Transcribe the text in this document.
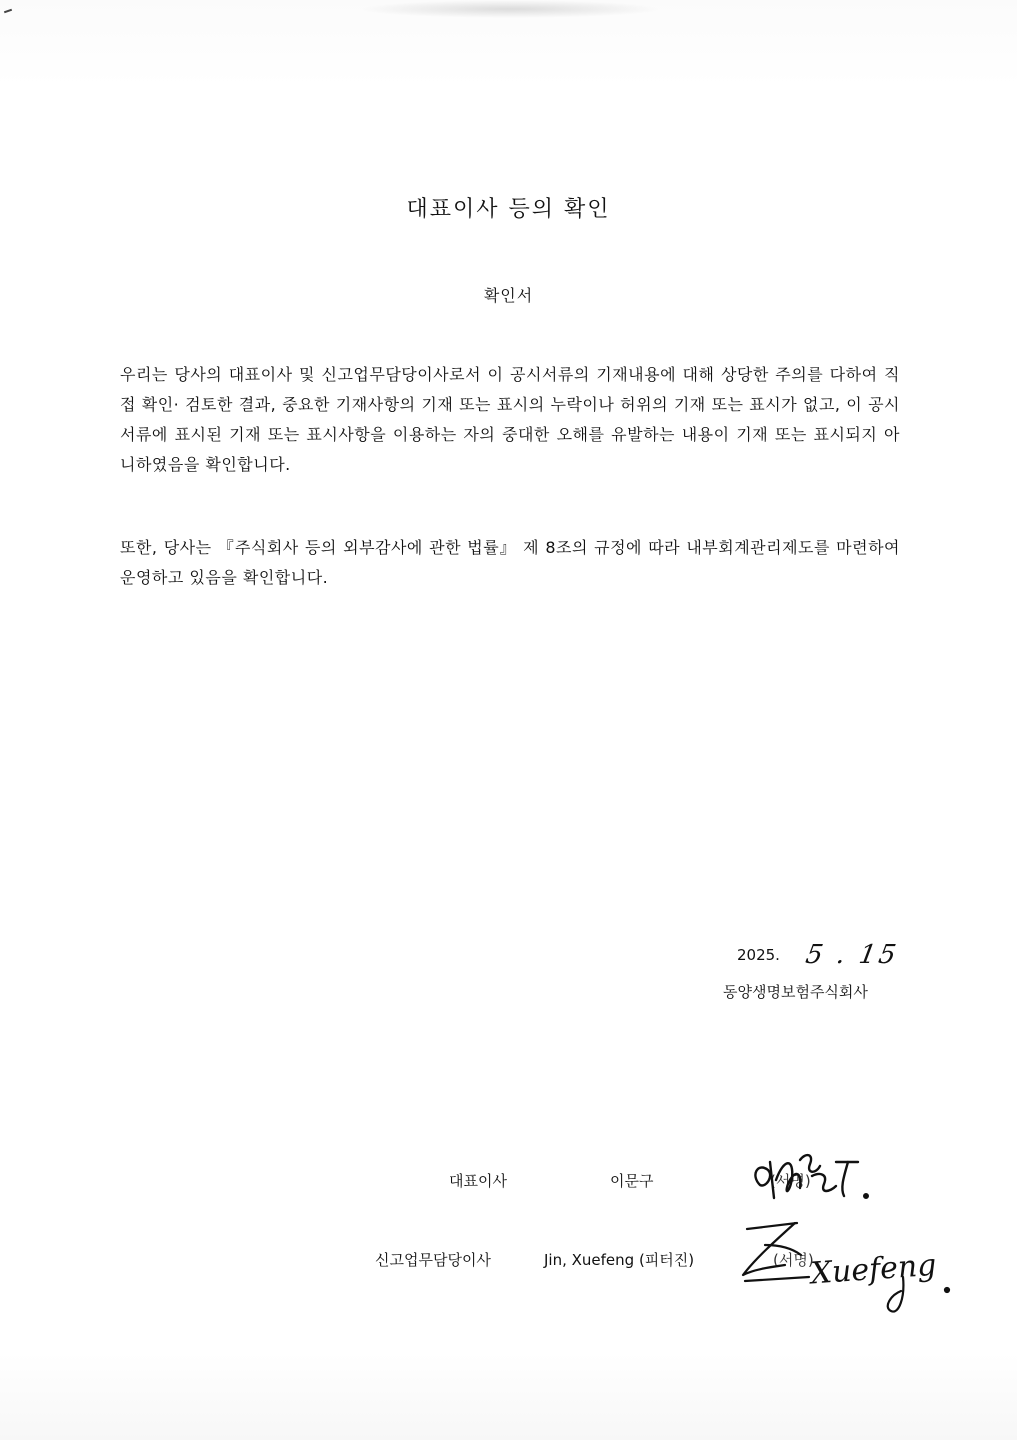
대표이사 등의 확인
확인서

우리는 당사의 대표이사 및 신고업무담당이사로서 이 공시서류의 기재내용에 대해 상당한 주의를 다하여 직접 확인· 검토한 결과, 중요한 기재사항의 기재 또는 표시의 누락이나 허위의 기재 또는 표시가 없고, 이 공시서류에 표시된 기재 또는 표시사항을 이용하는 자의 중대한 오해를 유발하는 내용이 기재 또는 표시되지 아니하였음을 확인합니다.

또한, 당사는 『주식회사 등의 외부감사에 관한 법률』 제 8조의 규정에 따라 내부회계관리제도를 마련하여 운영하고 있음을 확인합니다.

2025. 5 . 15
동양생명보험주식회사
대표이사	이문구	(서명)
신고업무담당이사	Jin, Xuefeng (피터진)	(서명)
Xuefeng
